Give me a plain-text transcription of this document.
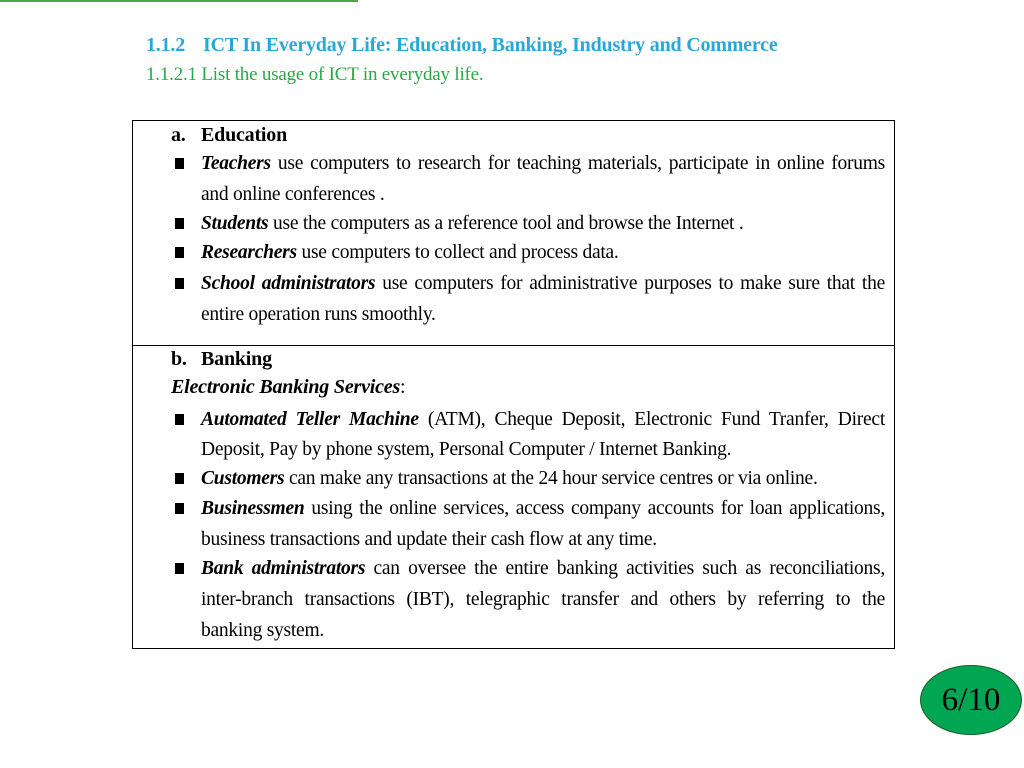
1.1.2 ICT In Everyday Life: Education, Banking, Industry and Commerce
1.1.2.1 List the usage of ICT in everyday life.
a. Education
Teachers use computers to research for teaching materials, participate in online forums
and online conferences .
Students use the computers as a reference tool and browse the Internet .
Researchers use computers to collect and process data.
School administrators use computers for administrative purposes to make sure that the
entire operation runs smoothly.
b. Banking
Electronic Banking Services:
Automated Teller Machine (ATM), Cheque Deposit, Electronic Fund Tranfer, Direct
Deposit, Pay by phone system, Personal Computer / Internet Banking.
Customers can make any transactions at the 24 hour service centres or via online.
Businessmen using the online services, access company accounts for loan applications,
business transactions and update their cash flow at any time.
Bank administrators can oversee the entire banking activities such as reconciliations,
inter-branch transactions (IBT), telegraphic transfer and others by referring to the
banking system.
6/10
